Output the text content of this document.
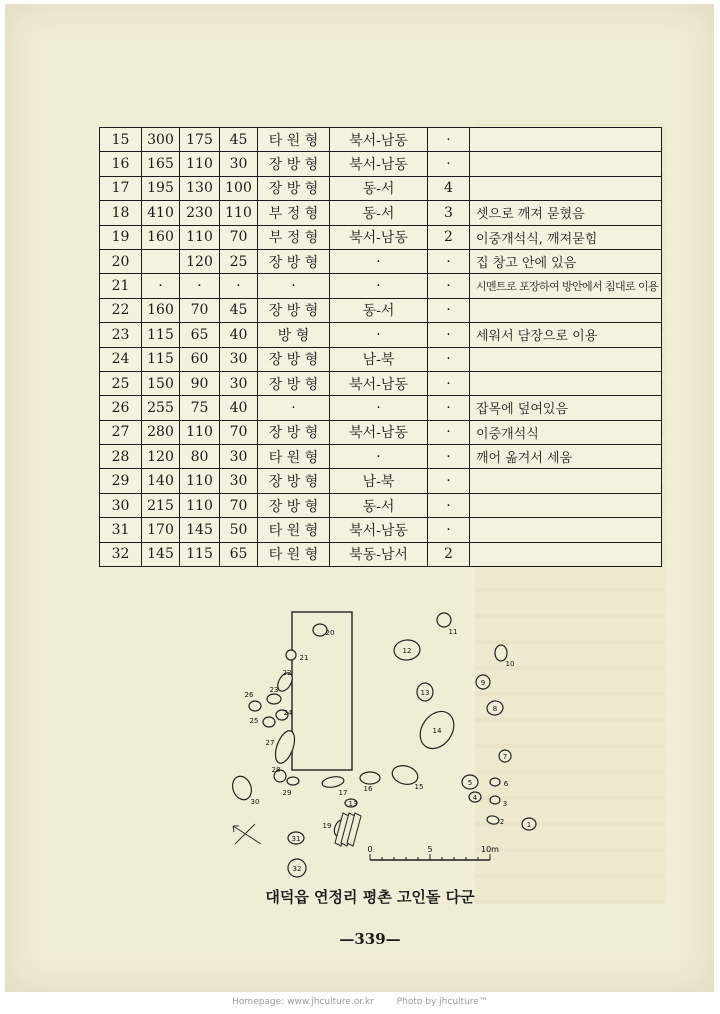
15	300	175	45	타 원 형	북서-남동	·	
16	165	110	30	장 방 형	북서-남동	·	
17	195	130	100	장 방 형	동-서	4	
18	410	230	110	부 정 형	동-서	3	셋으로 깨져 묻혔음
19	160	110	70	부 정 형	북서-남동	2	이중개석식, 깨져묻힘
20		120	25	장 방 형	·	·	집 창고 안에 있음
21	·	·	·	·	·	·	시멘트로 포장하여 방안에서 침대로 이용
22	160	70	45	장 방 형	동-서	·	
23	115	65	40	방 형	·	·	세워서 담장으로 이용
24	115	60	30	장 방 형	남-북	·	
25	150	90	30	장 방 형	북서-남동	·	
26	255	75	40	·	·	·	잡목에 덮여있음
27	280	110	70	장 방 형	북서-남동	·	이중개석식
28	120	80	30	타 원 형	·	·	깨어 옮겨서 세움
29	140	110	30	장 방 형	남-북	·	
30	215	110	70	장 방 형	동-서	·	
31	170	145	50	타 원 형	북서-남동	·	
32	145	115	65	타 원 형	북동-남서	2	
1
2
3
4
5	6
7
8
9
10
11
12
13
13
14
15
16
17
19
20
21
22
23
24
25
26
27
28
29
30
31
32
0	5	10m
대덕읍 연정리 평촌 고인돌 다군
—339—
Homepage: www.jhculture.or.kr	Photo by jhculture™
